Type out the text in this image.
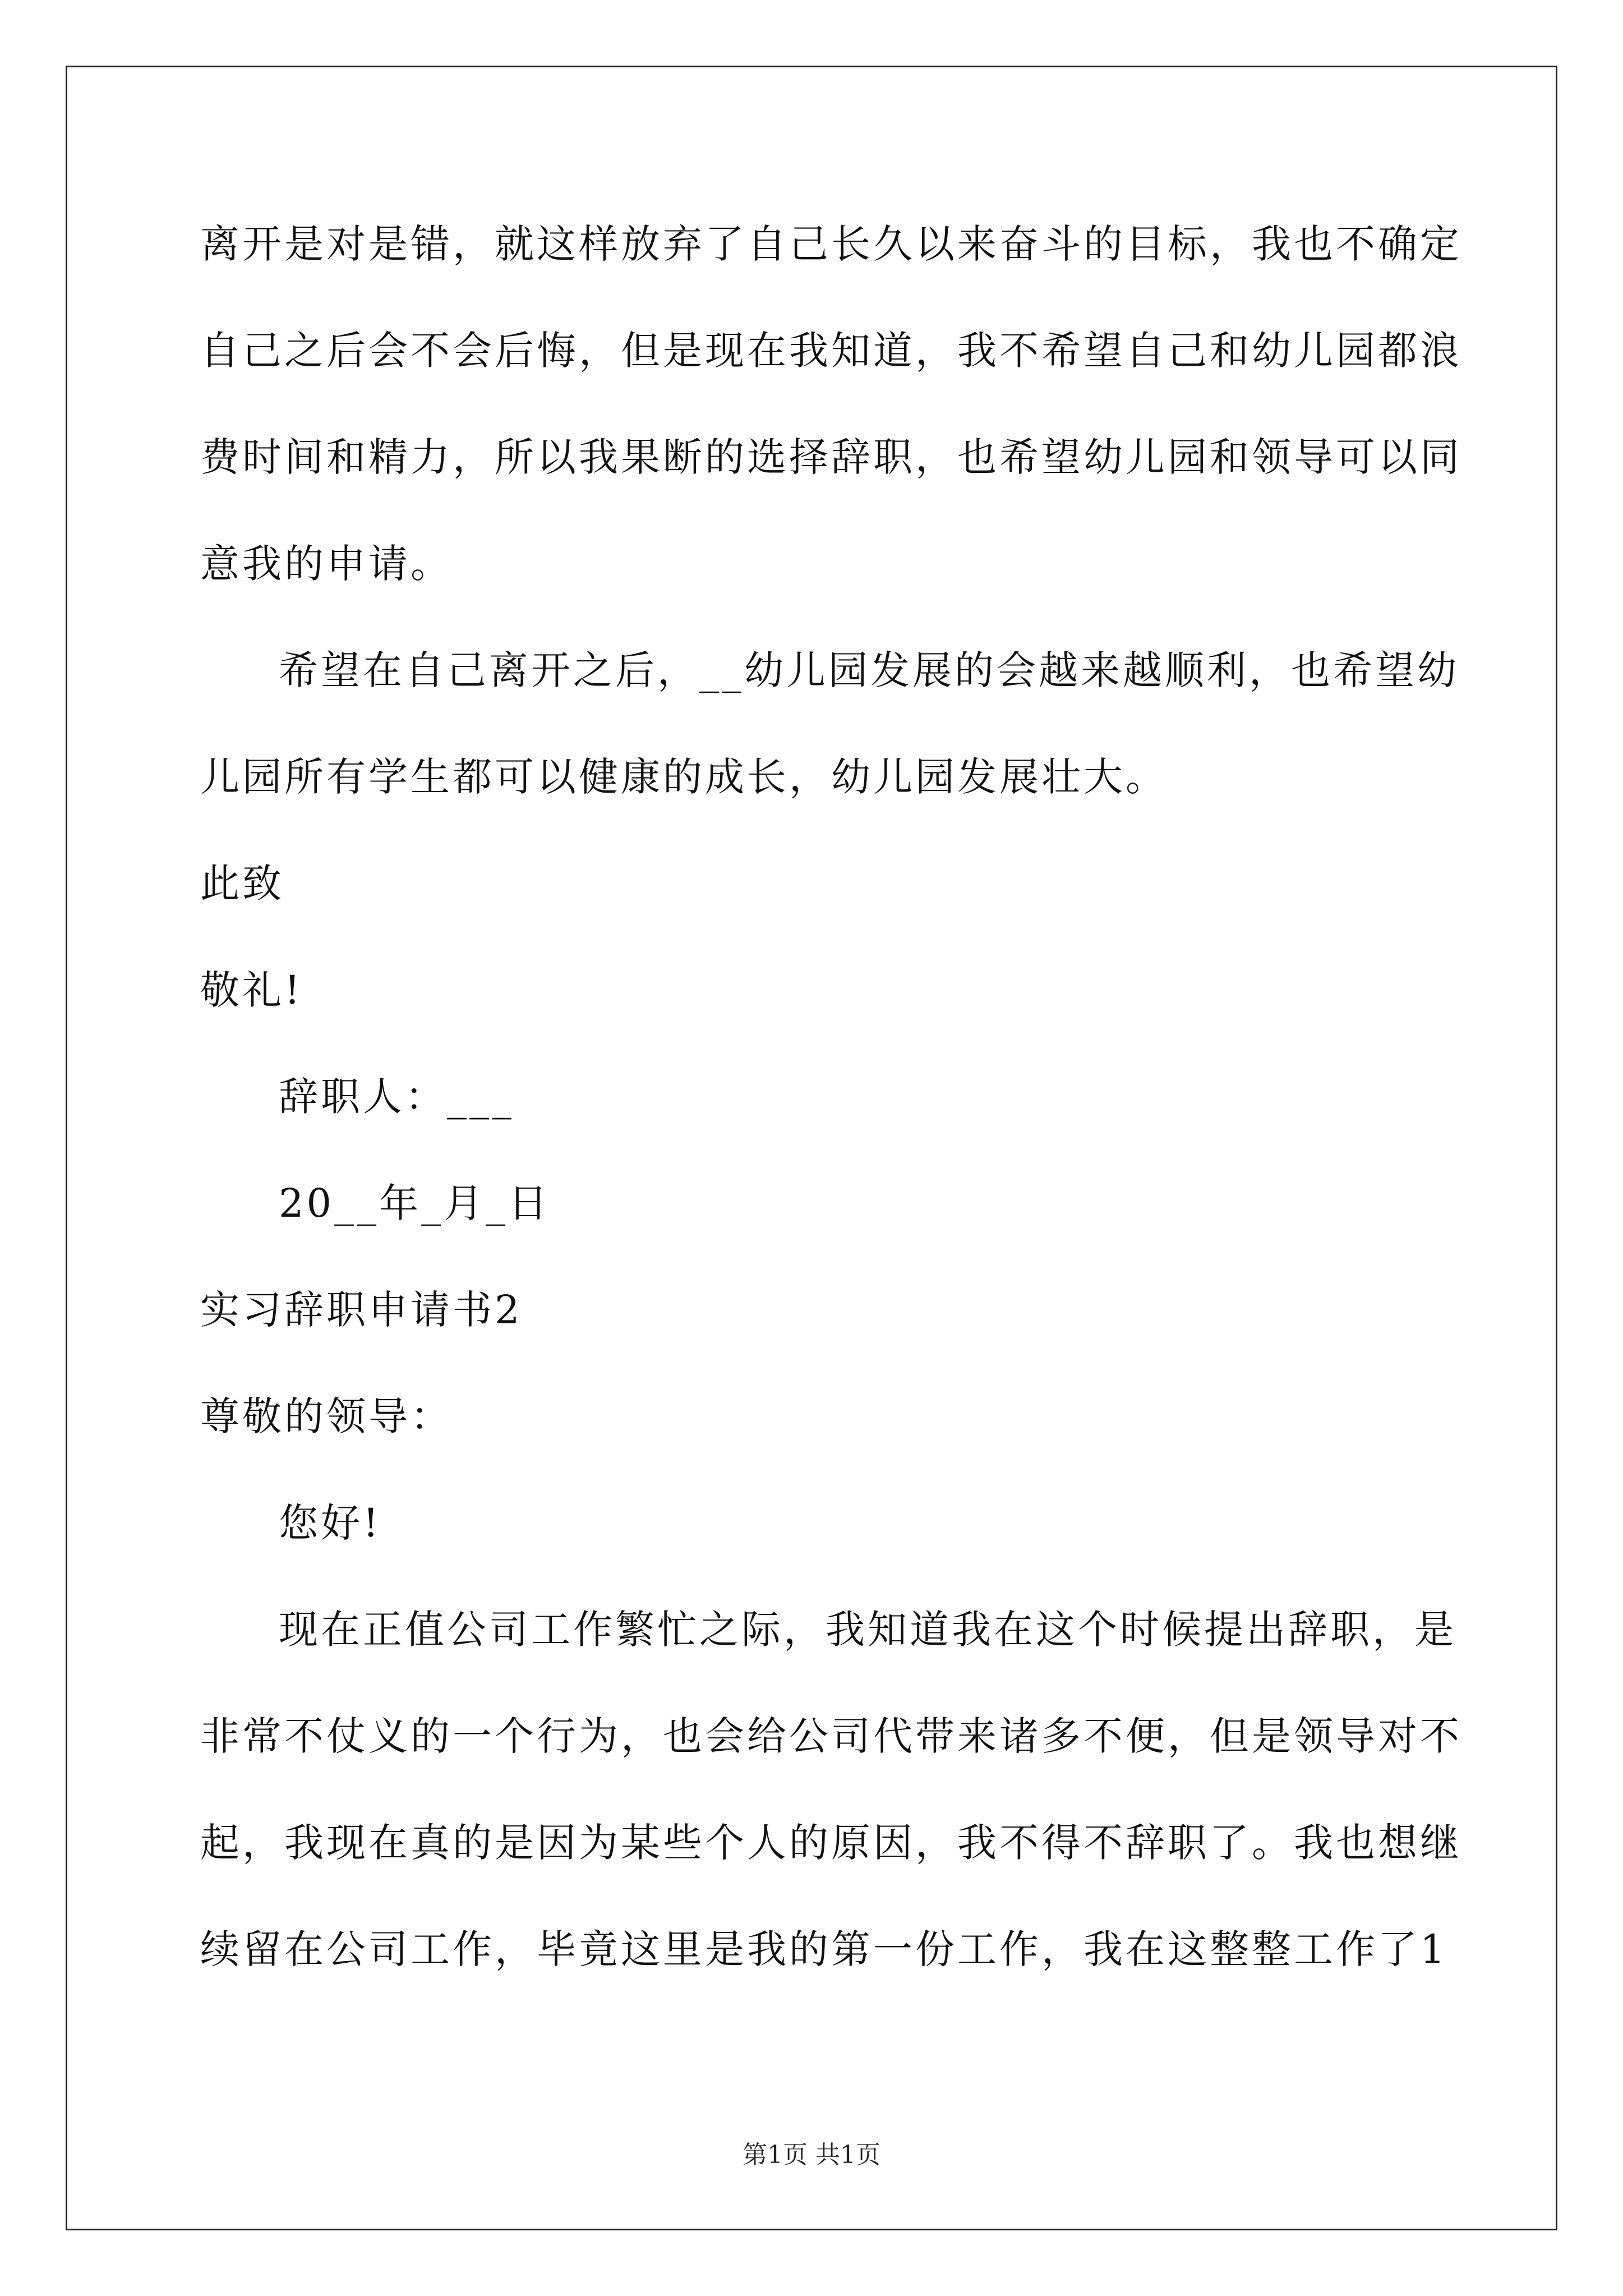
离开是对是错，就这样放弃了自己长久以来奋斗的目标，我也不确定
自己之后会不会后悔，但是现在我知道，我不希望自己和幼儿园都浪
费时间和精力，所以我果断的选择辞职，也希望幼儿园和领导可以同
意我的申请。
希望在自己离开之后，__幼儿园发展的会越来越顺利，也希望幼
儿园所有学生都可以健康的成长，幼儿园发展壮大。
此致
敬礼!
辞职人：___
20__年_月_日
实习辞职申请书2
尊敬的领导：
您好!
现在正值公司工作繁忙之际，我知道我在这个时候提出辞职，是
非常不仗义的一个行为，也会给公司代带来诸多不便，但是领导对不
起，我现在真的是因为某些个人的原因，我不得不辞职了。我也想继
续留在公司工作，毕竟这里是我的第一份工作，我在这整整工作了1
第1页 共1页
